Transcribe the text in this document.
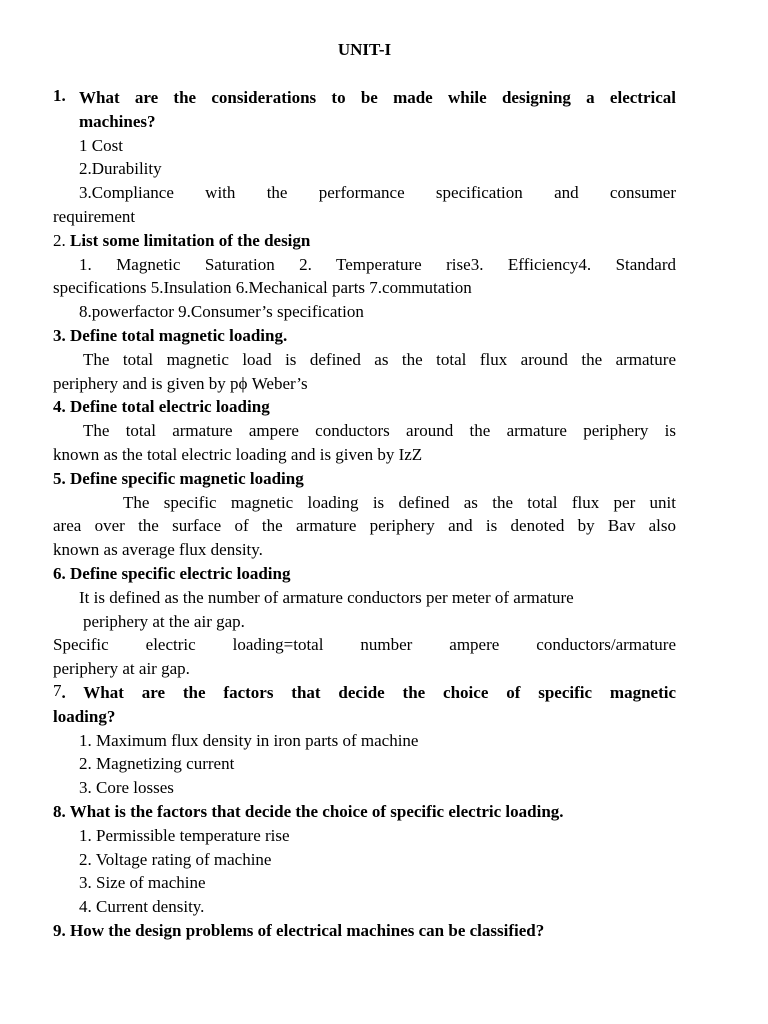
UNIT-I
1. What are the considerations to be made while designing a electrical
machines?
1 Cost
2.Durability
3.Compliance with the performance specification and consumer
requirement
2. List some limitation of the design
1. Magnetic Saturation 2. Temperature rise3. Efficiency4. Standard
specifications 5.Insulation 6.Mechanical parts 7.commutation
8.powerfactor 9.Consumer’s specification
3. Define total magnetic loading.
The total magnetic load is defined as the total flux around the armature
periphery and is given by pϕ Weber’s
4. Define total electric loading
The total armature ampere conductors around the armature periphery is
known as the total electric loading and is given by IzZ
5. Define specific magnetic loading
The specific magnetic loading is defined as the total flux per unit
area over the surface of the armature periphery and is denoted by Bav also
known as average flux density.
6. Define specific electric loading
It is defined as the number of armature conductors per meter of armature
periphery at the air gap.
Specific electric loading=total number ampere conductors/armature
periphery at air gap.
7 . What are the factors that decide the choice of specific magnetic
loading?
1. Maximum flux density in iron parts of machine
2. Magnetizing current
3. Core losses
8. What is the factors that decide the choice of specific electric loading.
1. Permissible temperature rise
2. Voltage rating of machine
3. Size of machine
4. Current density.
9. How the design problems of electrical machines can be classified?
